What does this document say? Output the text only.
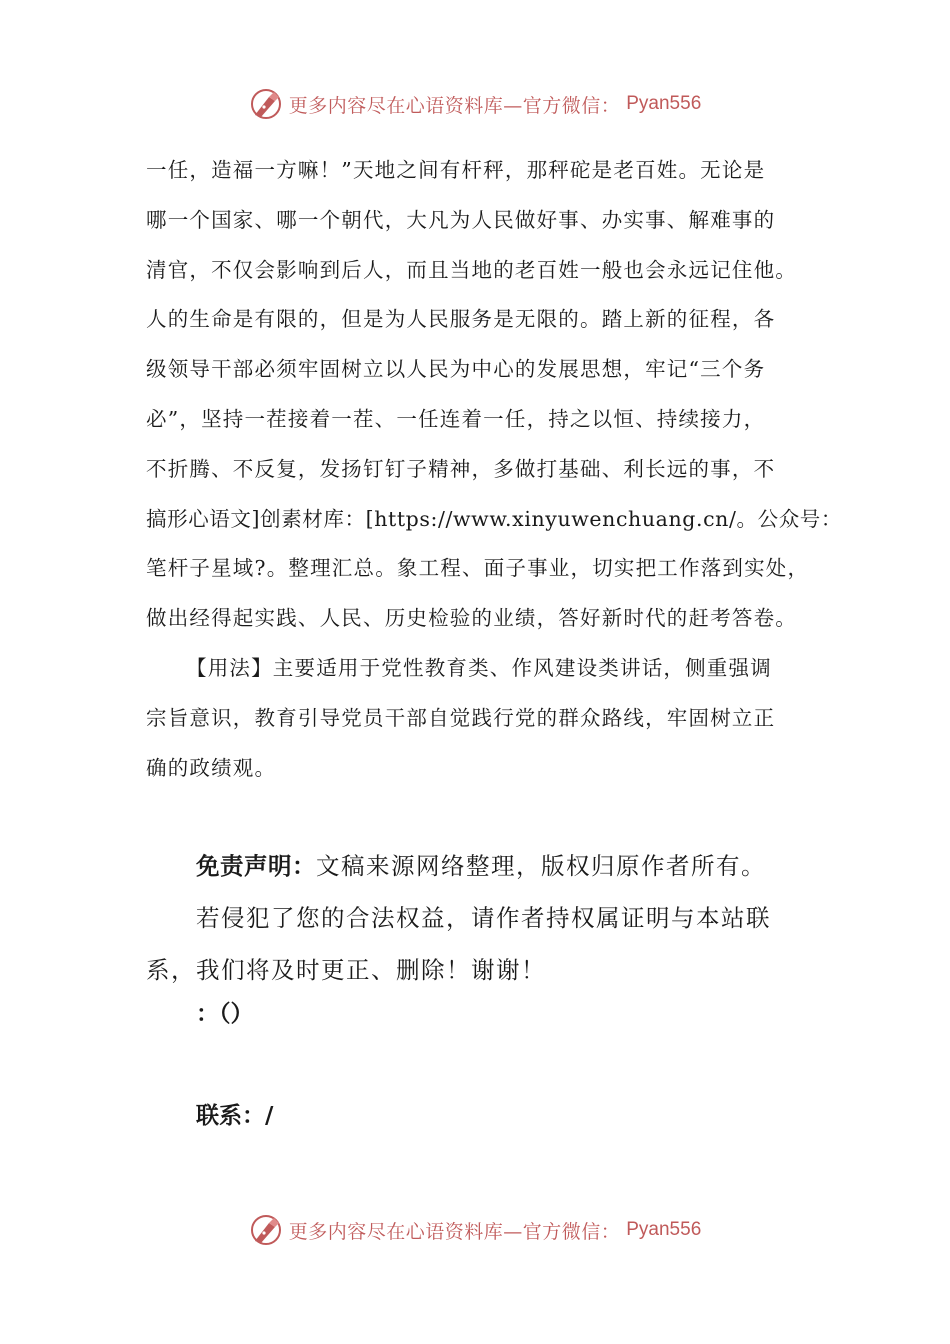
更多内容尽在心语资料库—官方微信： Pyan556
一任，造福一方嘛！”天地之间有杆秤，那秤砣是老百姓。无论是
哪一个国家、哪一个朝代，大凡为人民做好事、办实事、解难事的
清官，不仅会影响到后人，而且当地的老百姓一般也会永远记住他。
人的生命是有限的，但是为人民服务是无限的。踏上新的征程，各
级领导干部必须牢固树立以人民为中心的发展思想，牢记“三个务
必”，坚持一茬接着一茬、一任连着一任，持之以恒、持续接力，
不折腾、不反复，发扬钉钉子精神，多做打基础、利长远的事，不
搞形心语文]创素材库：[https://www.xinyuwenchuang.cn/。公众号：
笔杆子星域?。整理汇总。象工程、面子事业，切实把工作落到实处，
做出经得起实践、人民、历史检验的业绩，答好新时代的赶考答卷。
【用法】主要适用于党性教育类、作风建设类讲话，侧重强调
宗旨意识，教育引导党员干部自觉践行党的群众路线，牢固树立正
确的政绩观。
免责声明：文稿来源网络整理，版权归原作者所有。
若侵犯了您的合法权益，请作者持权属证明与本站联
系，我们将及时更正、删除！谢谢！
：（）
联系：/
更多内容尽在心语资料库—官方微信： Pyan556
